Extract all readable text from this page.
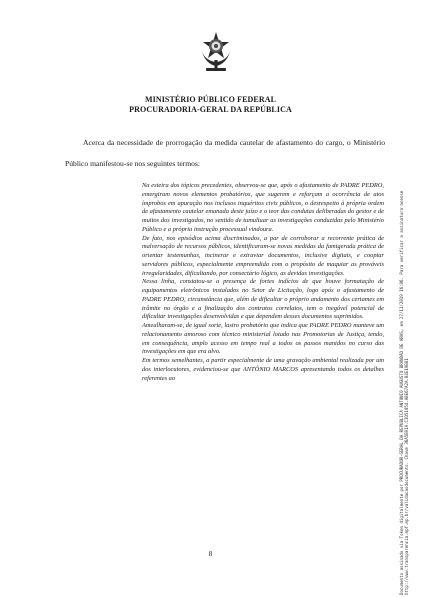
MINISTÉRIO PÚBLICO FEDERAL
PROCURADORIA-GERAL DA REPÚBLICA
Acerca da necessidade de prorrogação da medida cautelar de afastamento do cargo, o Ministério Público manifestou-se nos seguintes termos:

Na esteira dos tópicos precedentes, observou-se que, após o afastamento de PADRE PEDRO, emergiram novos elementos probatórios, que sugerem e reforçam a ocorrência de atos ímprobos em apuração nos inclusos inquéritos civis públicos, o desrespeito à própria ordem de afastamento cautelar emanada deste juízo e o teor das condutas deliberadas do gestor e de muitos dos investigados, no sentido de tumultuar as investigações conduzidas pelo Ministério Público e a própria instrução processual vindoura.

De fato, nos episódios acima discriminados, a par de corroborar a recorrente prática de malversação de recursos públicos, identificaram-se novas medidas da famigerada prática de orientar testemunhas, incinerar e extraviar documentos, inclusive digitais, e cooptar servidores públicos, especialmente empreendida com o propósito de maquiar as prováveis irregularidades, dificultando, por consectário lógico, as devidas investigações.

Nessa linha, constatou-se a presença de fortes indícios de que houve formatação de equipamentos eletrônicos instalados no Setor de Licitação, logo após o afastamento de PADRE PEDRO, circunstância que, além de dificultar o próprio andamento dos certames em trâmite no órgão e a finalização dos contratos correlatos, tem o inegável potencial de dificultar investigações desenvolvidas e que dependem desses documentos suprimidos.

Amealharam-se, de igual sorte, lastro probatório que indica que PADRE PEDRO manteve um relacionamento amoroso com técnico ministerial lotado nas Promotorias de Justiça, tendo, em consequência, amplo acesso em tempo real a todos os passos manidos no curso das investigações em que era alvo.

Em termos semelhantes, a partir especialmente de uma gravação ambiental realizada por um dos interlocutores, evidenciou-se que ANTÔNIO MARCOS apresentando todos os detalhes referentes ao

8	Documento assinado via Token digitalmente por PROCURADOR-GERAL DA REPÚBLICA ANTONIO AUGUSTO BRANDÃO DE ARAS, em 27/11/2019 16:06. Para verificar a assinatura acesse http://www.transparencia.mpf.mp.br/validacaodocumento. Chave 36A5B91A.C3D51054.ABE67A2A.B4E19B81
